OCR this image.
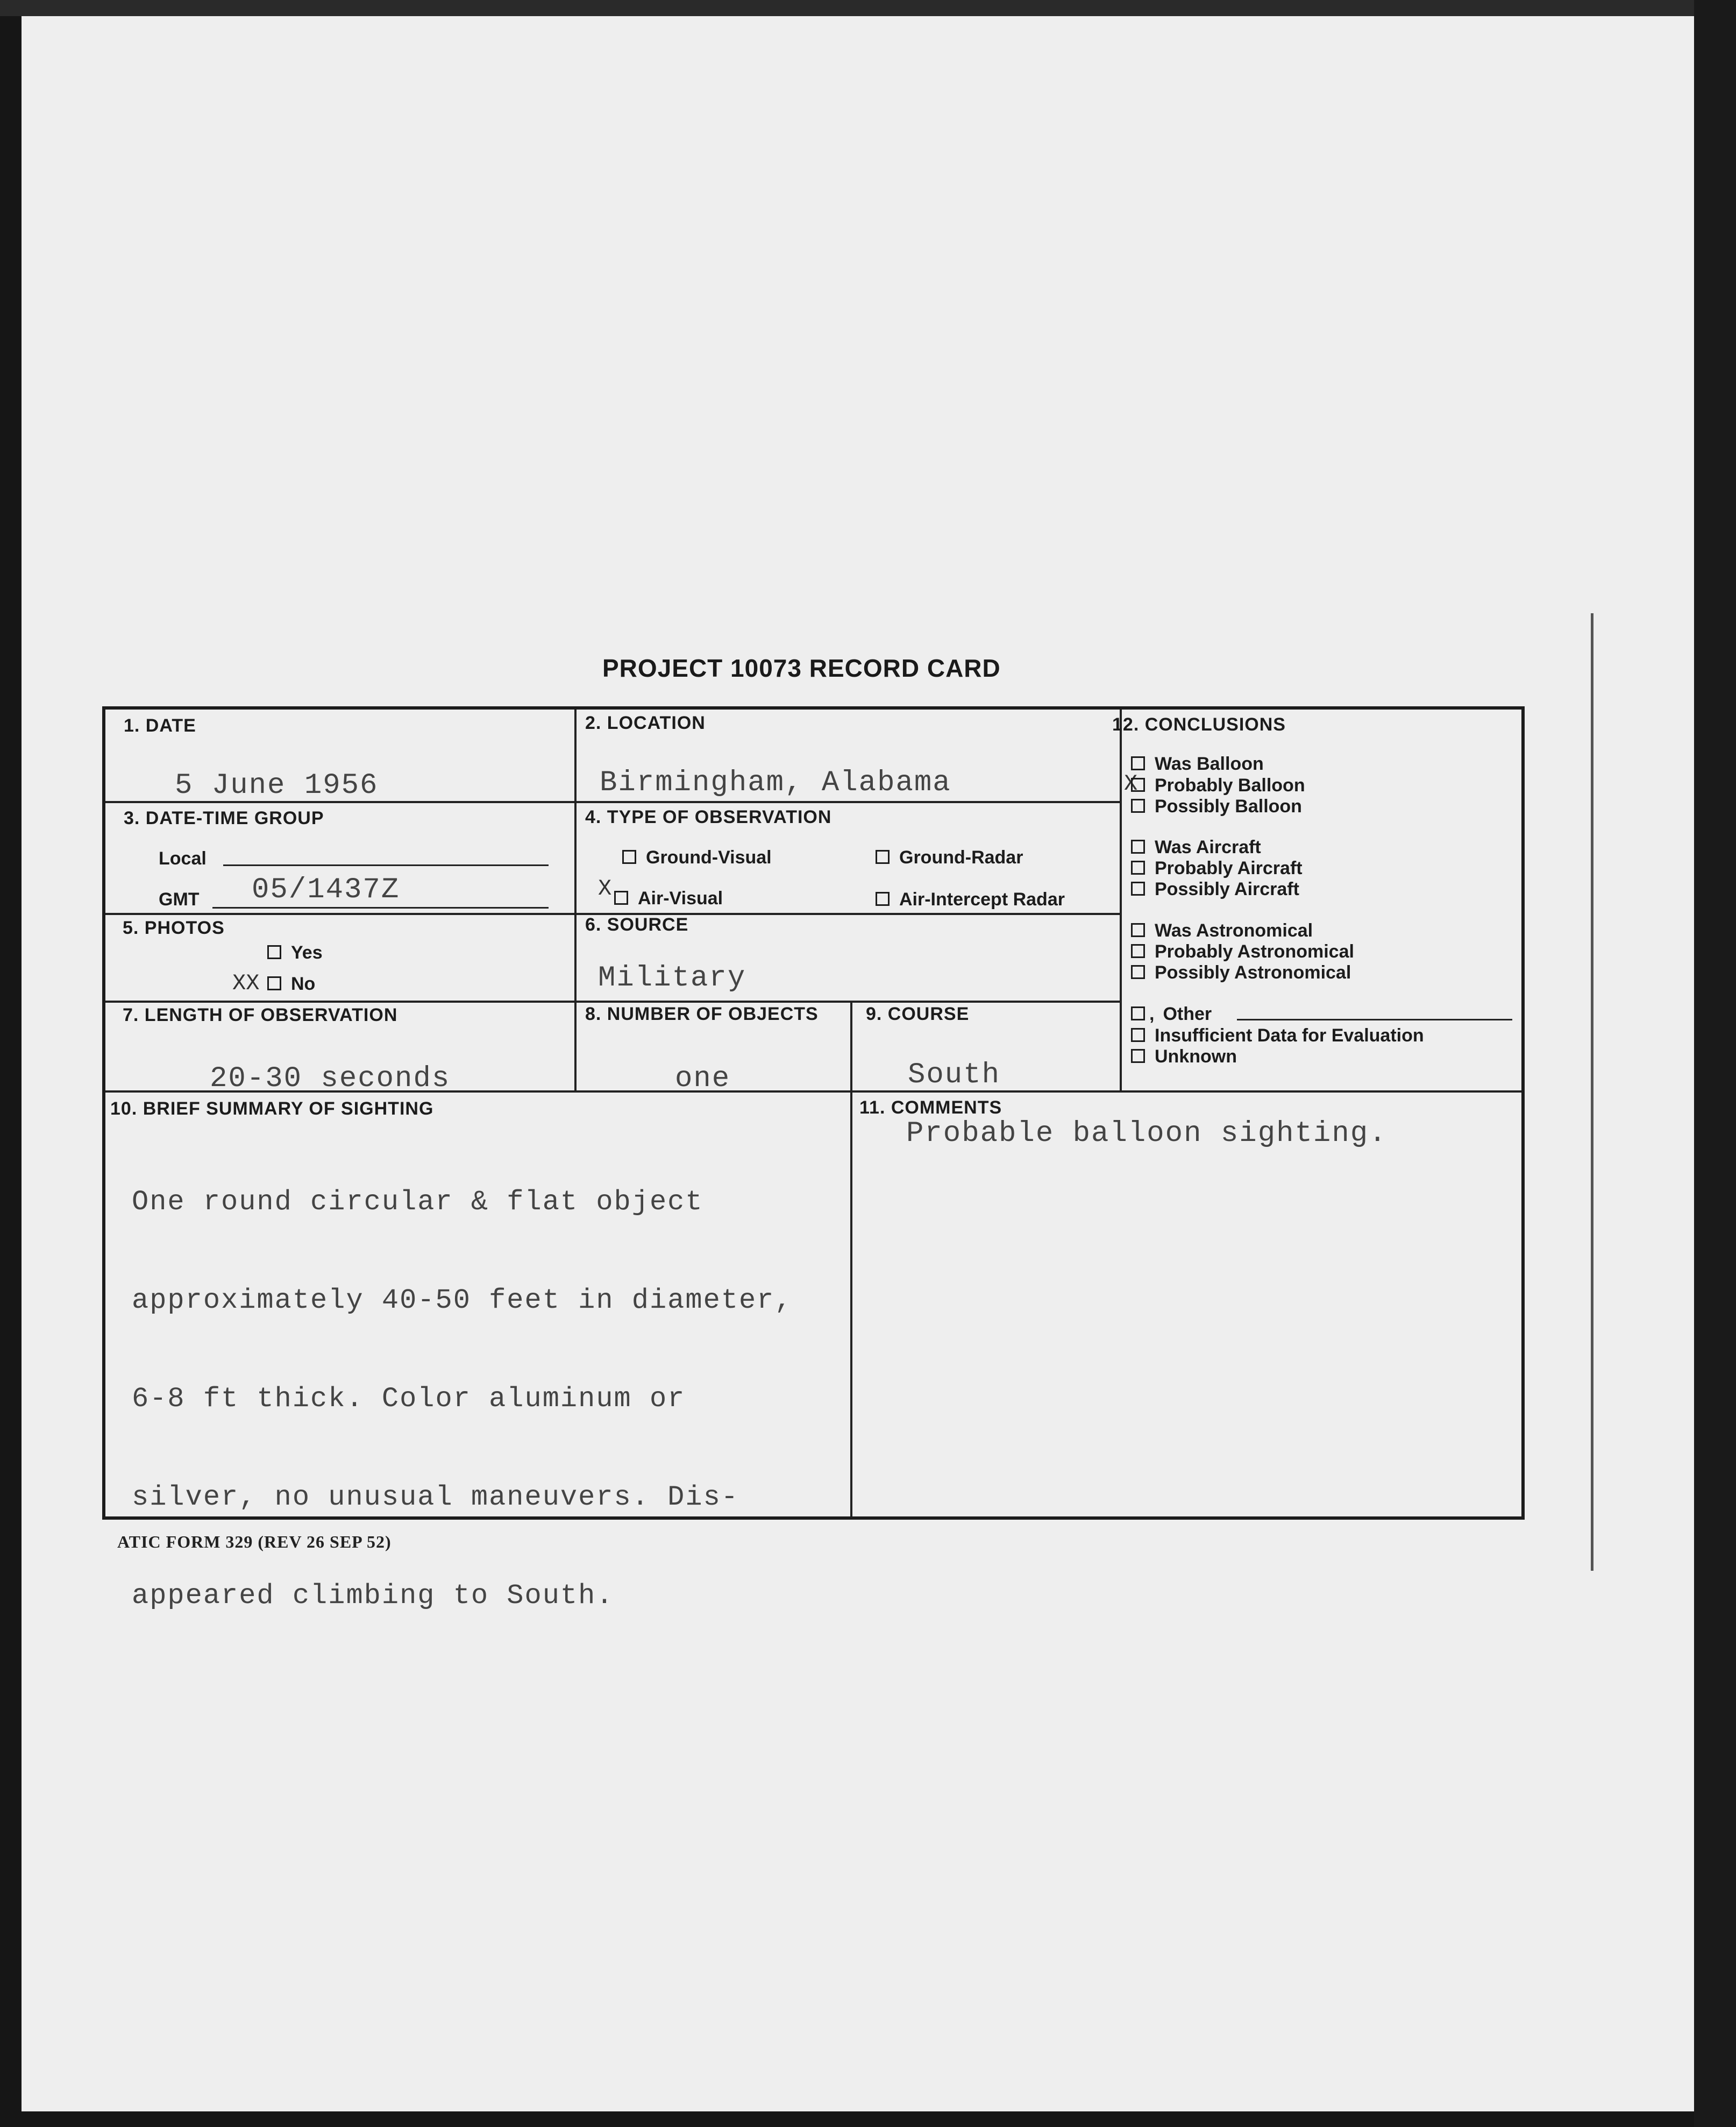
PROJECT 10073 RECORD CARD
1. DATE
5 June 1956
2. LOCATION
Birmingham, Alabama
3. DATE-TIME GROUP
Local
GMT 05/1437Z
4. TYPE OF OBSERVATION
Ground-Visual	Ground-Radar
X	Air-Visual	Air-Intercept Radar
5. PHOTOS
Yes
XX	No
6. SOURCE
Military
7. LENGTH OF OBSERVATION
20-30 seconds
8. NUMBER OF OBJECTS
one
9. COURSE
South
10. BRIEF SUMMARY OF SIGHTING

One round circular & flat object

approximately 40-50 feet in diameter,

6-8 ft thick. Color aluminum or

silver, no unusual maneuvers. Dis-

appeared climbing to South.

11. COMMENTS
Probable balloon sighting.
12. CONCLUSIONS
Was Balloon
X Probably Balloon
Possibly Balloon
Was Aircraft
Probably Aircraft
Possibly Aircraft
Was Astronomical
Probably Astronomical
Possibly Astronomical
, Other
Insufficient Data for Evaluation
Unknown
ATIC FORM 329 (REV 26 SEP 52)
